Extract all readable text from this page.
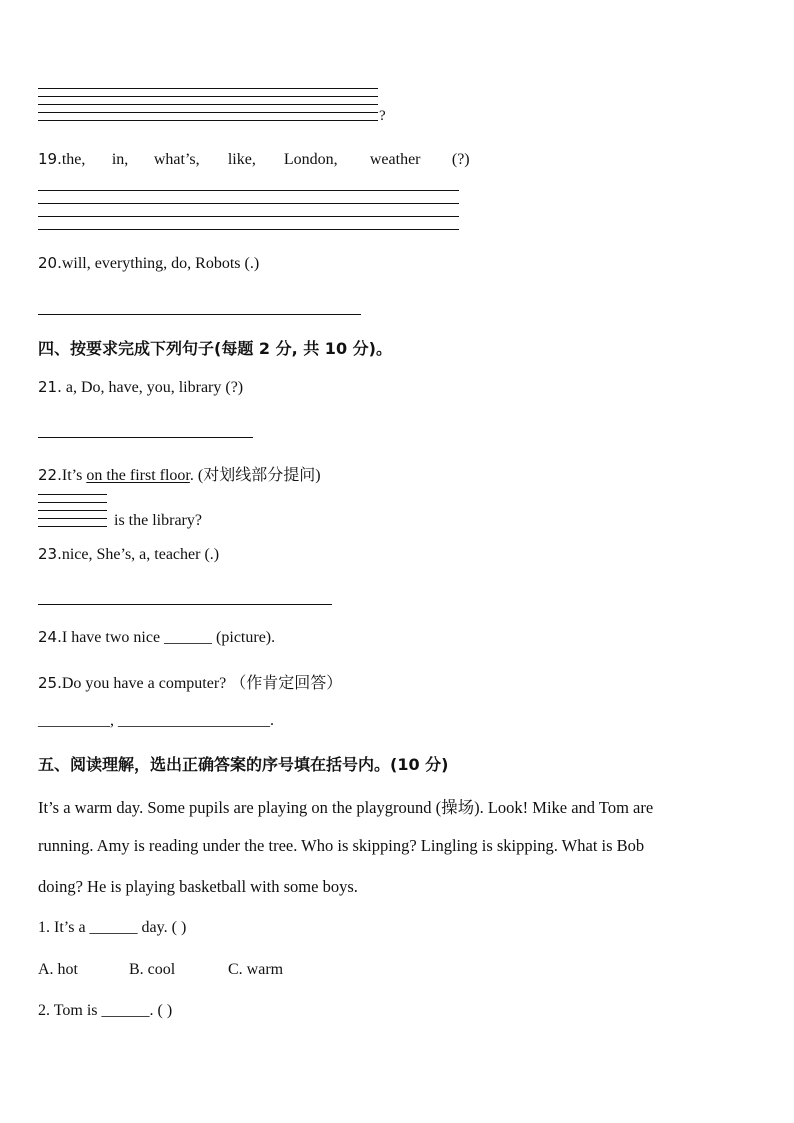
?
19.the, in, what’s, like, London, weather (?)
20.will, everything, do, Robots (.)
四、按要求完成下列句子(每题 2 分, 共 10 分)。
21. a, Do, have, you, library (?)
22.It’s on the first floor. (对划线部分提问)
is the library?
23.nice, She’s, a, teacher (.)
24.I have two nice ______ (picture).
25.Do you have a computer? （作肯定回答）
_________, ___________________.
五、阅读理解，选出正确答案的序号填在括号内。(10 分)
It’s a warm day. Some pupils are playing on the playground (操场). Look! Mike and Tom are
running. Amy is reading under the tree. Who is skipping? Lingling is skipping. What is Bob
doing? He is playing basketball with some boys.
1. It’s a ______ day. ( )
A. hot	B. cool	C. warm
2. Tom is ______. ( )
